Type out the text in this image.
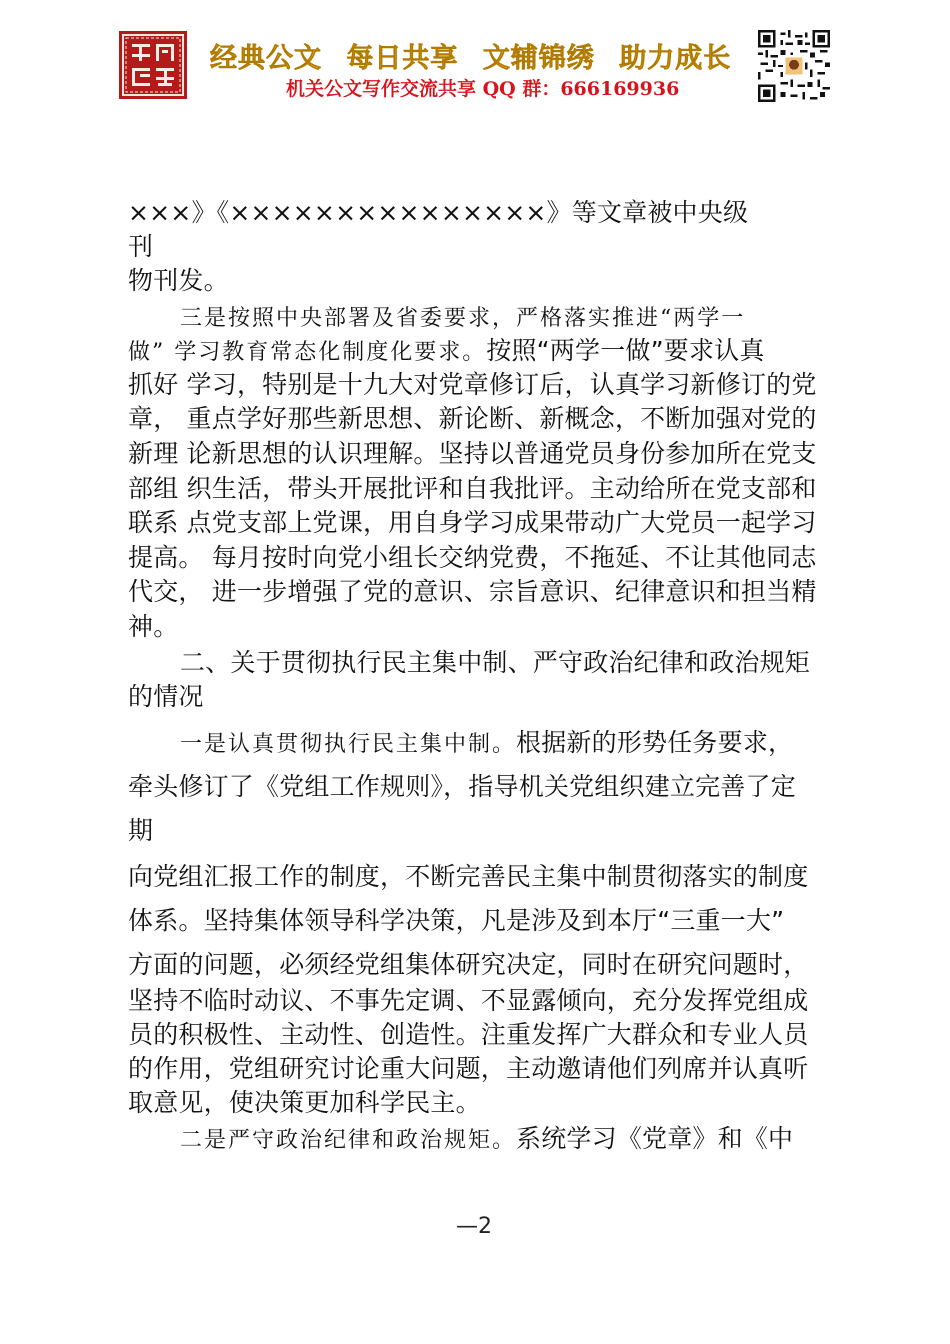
经典公文 每日共享 文辅锦绣 助力成长
机关公文写作交流共享 QQ 群：666169936
×××》《×××××××××××××××》等文章被中央级
刊
物刊发。
三是按照中央部署及省委要求，严格落实推进“两学一
做” 学习教育常态化制度化要求。按照“两学一做”要求认真
抓好 学习，特别是十九大对党章修订后，认真学习新修订的党
章， 重点学好那些新思想、新论断、新概念，不断加强对党的
新理 论新思想的认识理解。坚持以普通党员身份参加所在党支
部组 织生活，带头开展批评和自我批评。主动给所在党支部和
联系 点党支部上党课，用自身学习成果带动广大党员一起学习
提高。 每月按时向党小组长交纳党费，不拖延、不让其他同志
代交， 进一步增强了党的意识、宗旨意识、纪律意识和担当精
神。
二、关于贯彻执行民主集中制、严守政治纪律和政治规矩
的情况
一是认真贯彻执行民主集中制。根据新的形势任务要求，
牵头修订了《党组工作规则》，指导机关党组织建立完善了定
期
向党组汇报工作的制度，不断完善民主集中制贯彻落实的制度
体系。坚持集体领导科学决策，凡是涉及到本厅“三重一大”
方面的问题，必须经党组集体研究决定，同时在研究问题时，
坚持不临时动议、不事先定调、不显露倾向，充分发挥党组成
员的积极性、主动性、创造性。注重发挥广大群众和专业人员
的作用，党组研究讨论重大问题，主动邀请他们列席并认真听
取意见，使决策更加科学民主。
二是严守政治纪律和政治规矩。系统学习《党章》和《中
—2
